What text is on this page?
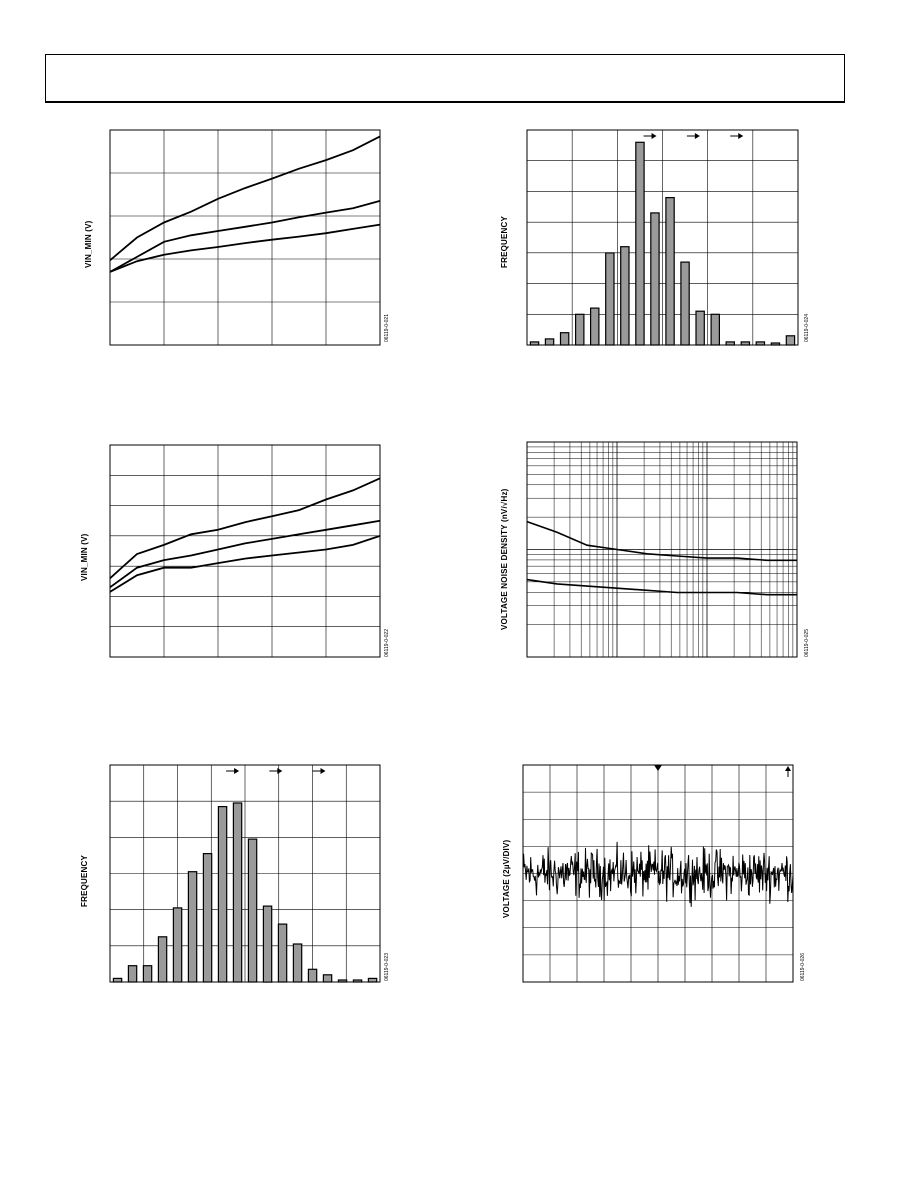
VIN_MIN (V)
06119-0-021
FREQUENCY
06119-0-024
VIN_MIN (V)
06119-0-022
VOLTAGE NOISE DENSITY (nV/√Hz)
06119-0-025
FREQUENCY
06119-0-023
VOLTAGE (2µV/DIV)
06119-0-026
